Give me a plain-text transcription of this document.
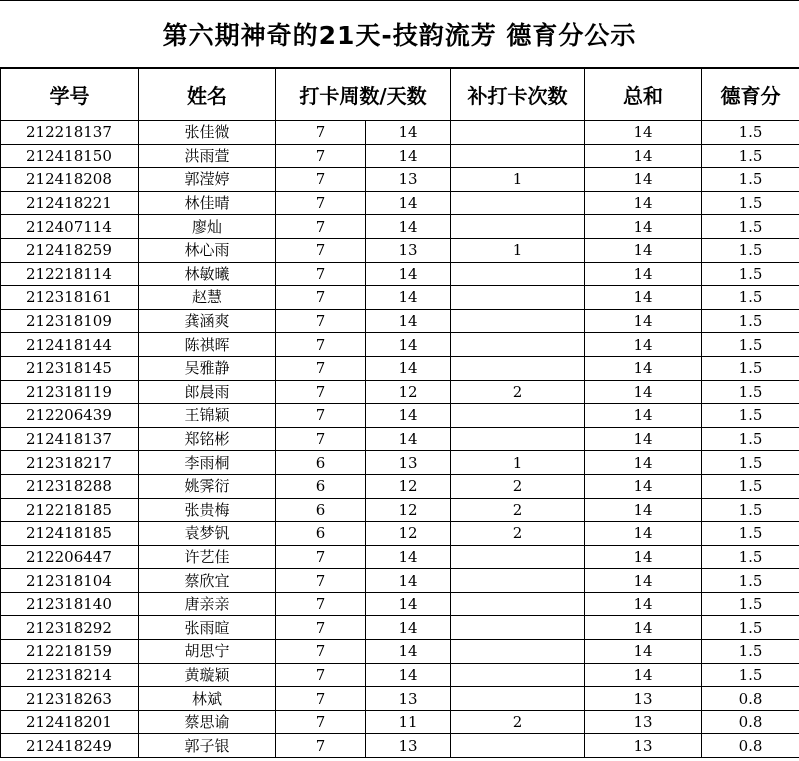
第六期神奇的21天-技韵流芳 德育分公示
学号	姓名	打卡周数/天数		补打卡次数	总和	德育分
212218137	张佳微	7	14		14	1.5
212418150	洪雨萱	7	14		14	1.5
212418208	郭滢婷	7	13	1	14	1.5
212418221	林佳晴	7	14		14	1.5
212407114	廖灿	7	14		14	1.5
212418259	林心雨	7	13	1	14	1.5
212218114	林敏曦	7	14		14	1.5
212318161	赵慧	7	14		14	1.5
212318109	龚涵爽	7	14		14	1.5
212418144	陈祺晖	7	14		14	1.5
212318145	吴雅静	7	14		14	1.5
212318119	郎晨雨	7	12	2	14	1.5
212206439	王锦颖	7	14		14	1.5
212418137	郑铭彬	7	14		14	1.5
212318217	李雨桐	6	13	1	14	1.5
212318288	姚霁衍	6	12	2	14	1.5
212218185	张贵梅	6	12	2	14	1.5
212418185	袁梦钒	6	12	2	14	1.5
212206447	许艺佳	7	14		14	1.5
212318104	蔡欣宜	7	14		14	1.5
212318140	唐亲亲	7	14		14	1.5
212318292	张雨暄	7	14		14	1.5
212218159	胡思宁	7	14		14	1.5
212318214	黄璇颖	7	14		14	1.5
212318263	林斌	7	13		13	0.8
212418201	蔡思谕	7	11	2	13	0.8
212418249	郭子银	7	13		13	0.8
